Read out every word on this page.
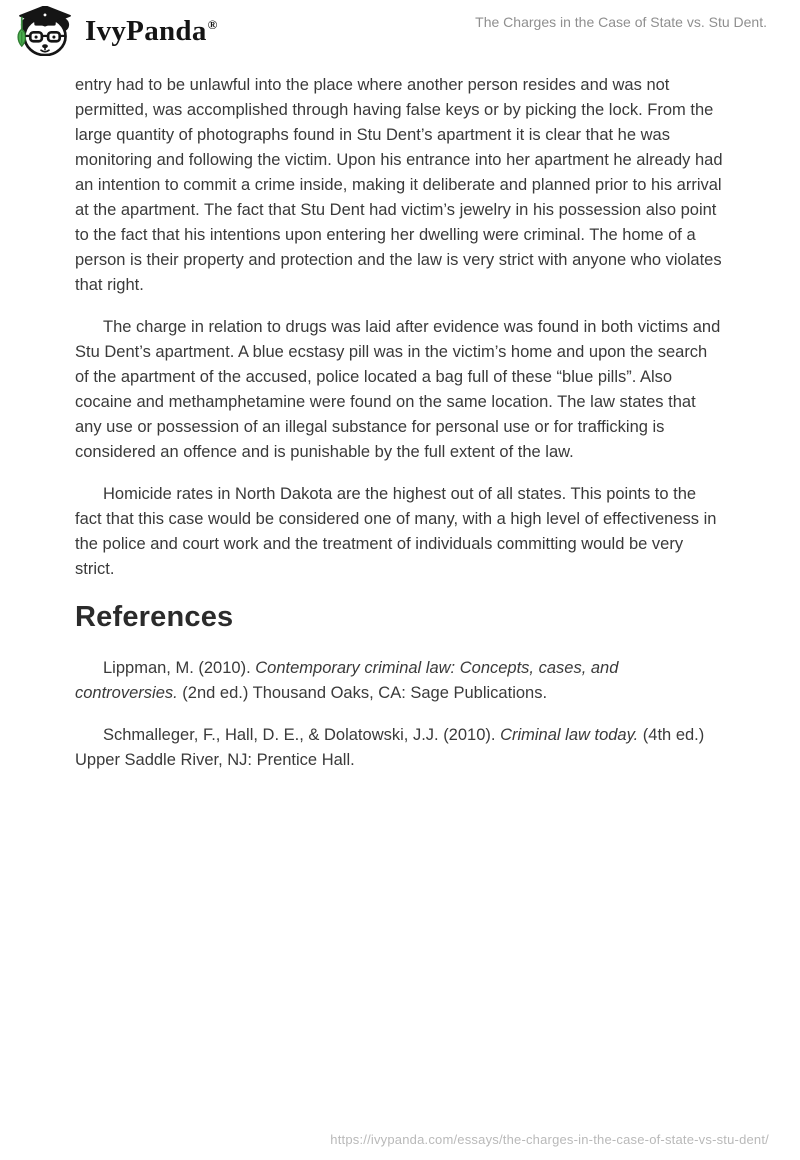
IvyPanda®	The Charges in the Case of State vs. Stu Dent.

entry had to be unlawful into the place where another person resides and was not permitted, was accomplished through having false keys or by picking the lock. From the large quantity of photographs found in Stu Dent’s apartment it is clear that he was monitoring and following the victim. Upon his entrance into her apartment he already had an intention to commit a crime inside, making it deliberate and planned prior to his arrival at the apartment. The fact that Stu Dent had victim’s jewelry in his possession also point to the fact that his intentions upon entering her dwelling were criminal. The home of a person is their property and protection and the law is very strict with anyone who violates that right.

The charge in relation to drugs was laid after evidence was found in both victims and Stu Dent’s apartment. A blue ecstasy pill was in the victim’s home and upon the search of the apartment of the accused, police located a bag full of these “blue pills”. Also cocaine and methamphetamine were found on the same location. The law states that any use or possession of an illegal substance for personal use or for trafficking is considered an offence and is punishable by the full extent of the law.

Homicide rates in North Dakota are the highest out of all states. This points to the fact that this case would be considered one of many, with a high level of effectiveness in the police and court work and the treatment of individuals committing would be very strict.

References

Lippman, M. (2010). Contemporary criminal law: Concepts, cases, and controversies. (2nd ed.) Thousand Oaks, CA: Sage Publications.

Schmalleger, F., Hall, D. E., & Dolatowski, J.J. (2010). Criminal law today. (4th ed.) Upper Saddle River, NJ: Prentice Hall.

https://ivypanda.com/essays/the-charges-in-the-case-of-state-vs-stu-dent/
